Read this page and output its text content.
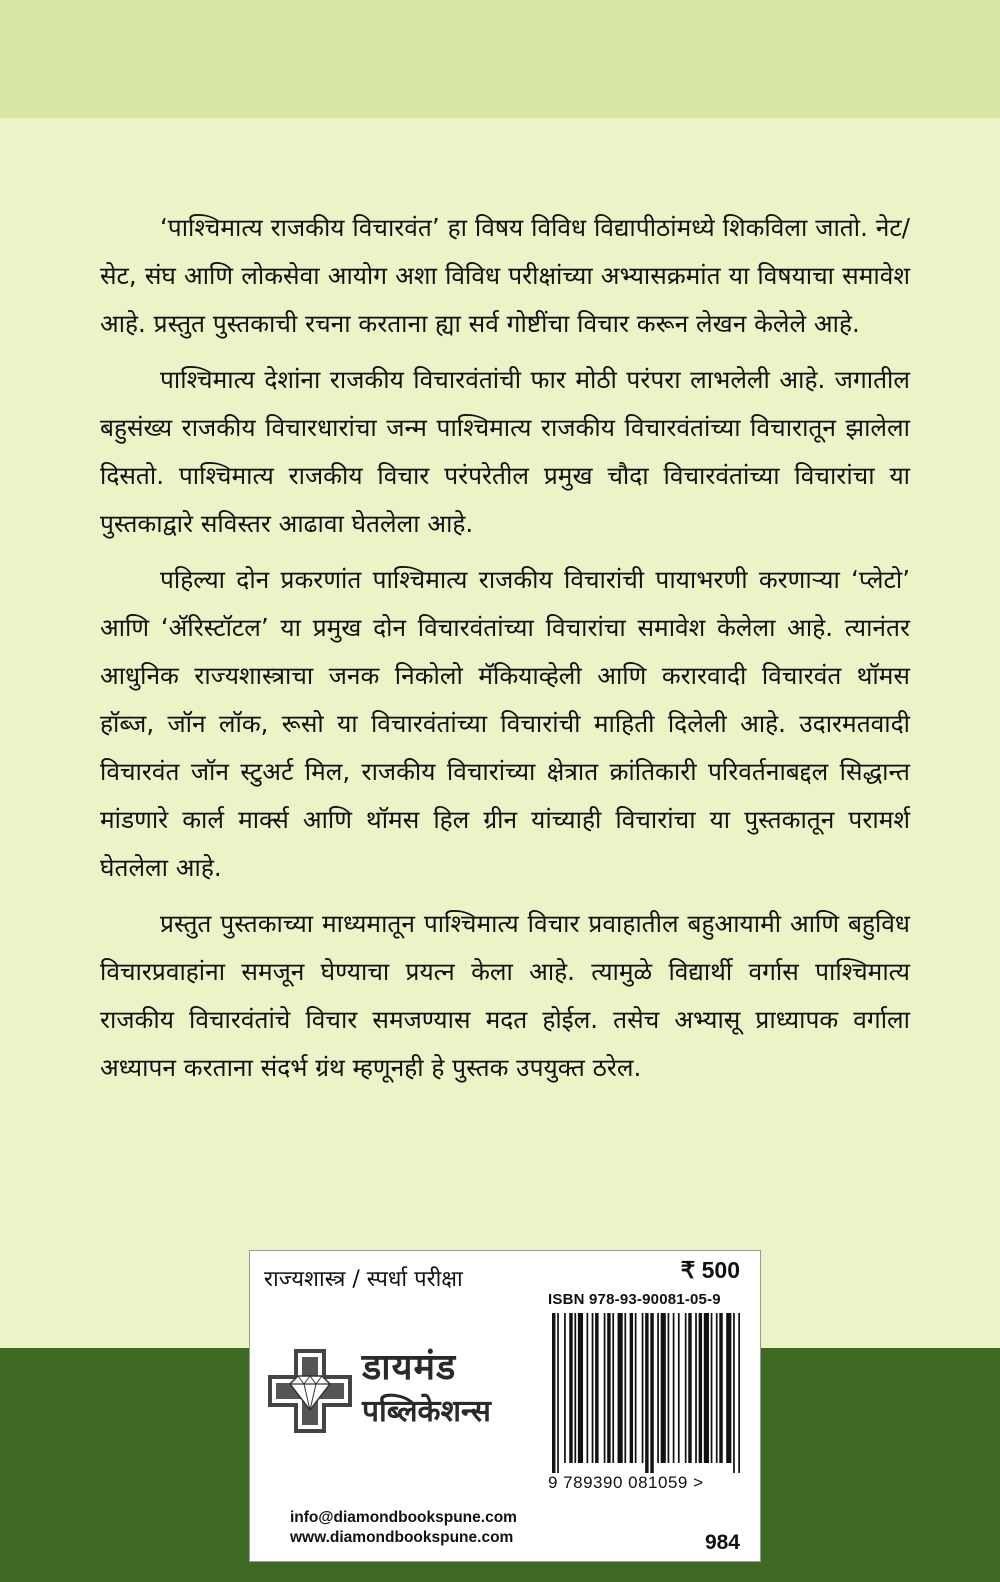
‘पाश्चिमात्य राजकीय विचारवंत’ हा विषय विविध विद्यापीठांमध्ये शिकविला जातो. नेट/सेट, संघ आणि लोकसेवा आयोग अशा विविध परीक्षांच्या अभ्यासक्रमांत या विषयाचा समावेश आहे. प्रस्तुत पुस्तकाची रचना करताना ह्या सर्व गोष्टींचा विचार करून लेखन केलेले आहे.

पाश्चिमात्य देशांना राजकीय विचारवंतांची फार मोठी परंपरा लाभलेली आहे. जगातील बहुसंख्य राजकीय विचारधारांचा जन्म पाश्चिमात्य राजकीय विचारवंतांच्या विचारातून झालेला दिसतो. पाश्चिमात्य राजकीय विचार परंपरेतील प्रमुख चौदा विचारवंतांच्या विचारांचा या पुस्तकाद्वारे सविस्तर आढावा घेतलेला आहे.

पहिल्या दोन प्रकरणांत पाश्चिमात्य राजकीय विचारांची पायाभरणी करणाऱ्या ‘प्लेटो’ आणि ‘ॲरिस्टॉटल’ या प्रमुख दोन विचारवंतांच्या विचारांचा समावेश केलेला आहे. त्यानंतर आधुनिक राज्यशास्त्राचा जनक निकोलो मॅकियाव्हेली आणि करारवादी विचारवंत थॉमस हॉब्ज, जॉन लॉक, रूसो या विचारवंतांच्या विचारांची माहिती दिलेली आहे. उदारमतवादी विचारवंत जॉन स्टुअर्ट मिल, राजकीय विचारांच्या क्षेत्रात क्रांतिकारी परिवर्तनाबद्दल सिद्धान्त मांडणारे कार्ल मार्क्स आणि थॉमस हिल ग्रीन यांच्याही विचारांचा या पुस्तकातून परामर्श घेतलेला आहे.

प्रस्तुत पुस्तकाच्या माध्यमातून पाश्चिमात्य विचार प्रवाहातील बहुआयामी आणि बहुविध विचारप्रवाहांना समजून घेण्याचा प्रयत्न केला आहे. त्यामुळे विद्यार्थी वर्गास पाश्चिमात्य राजकीय विचारवंतांचे विचार समजण्यास मदत होईल. तसेच अभ्यासू प्राध्यापक वर्गाला अध्यापन करताना संदर्भ ग्रंथ म्हणूनही हे पुस्तक उपयुक्त ठरेल.

राज्यशास्त्र / स्पर्धा परीक्षा
डायमंड
पब्लिकेशन्स
info@diamondbookspune.com
www.diamondbookspune.com
₹ 500
ISBN 978-93-90081-05-9
9 789390 081059 >
984
